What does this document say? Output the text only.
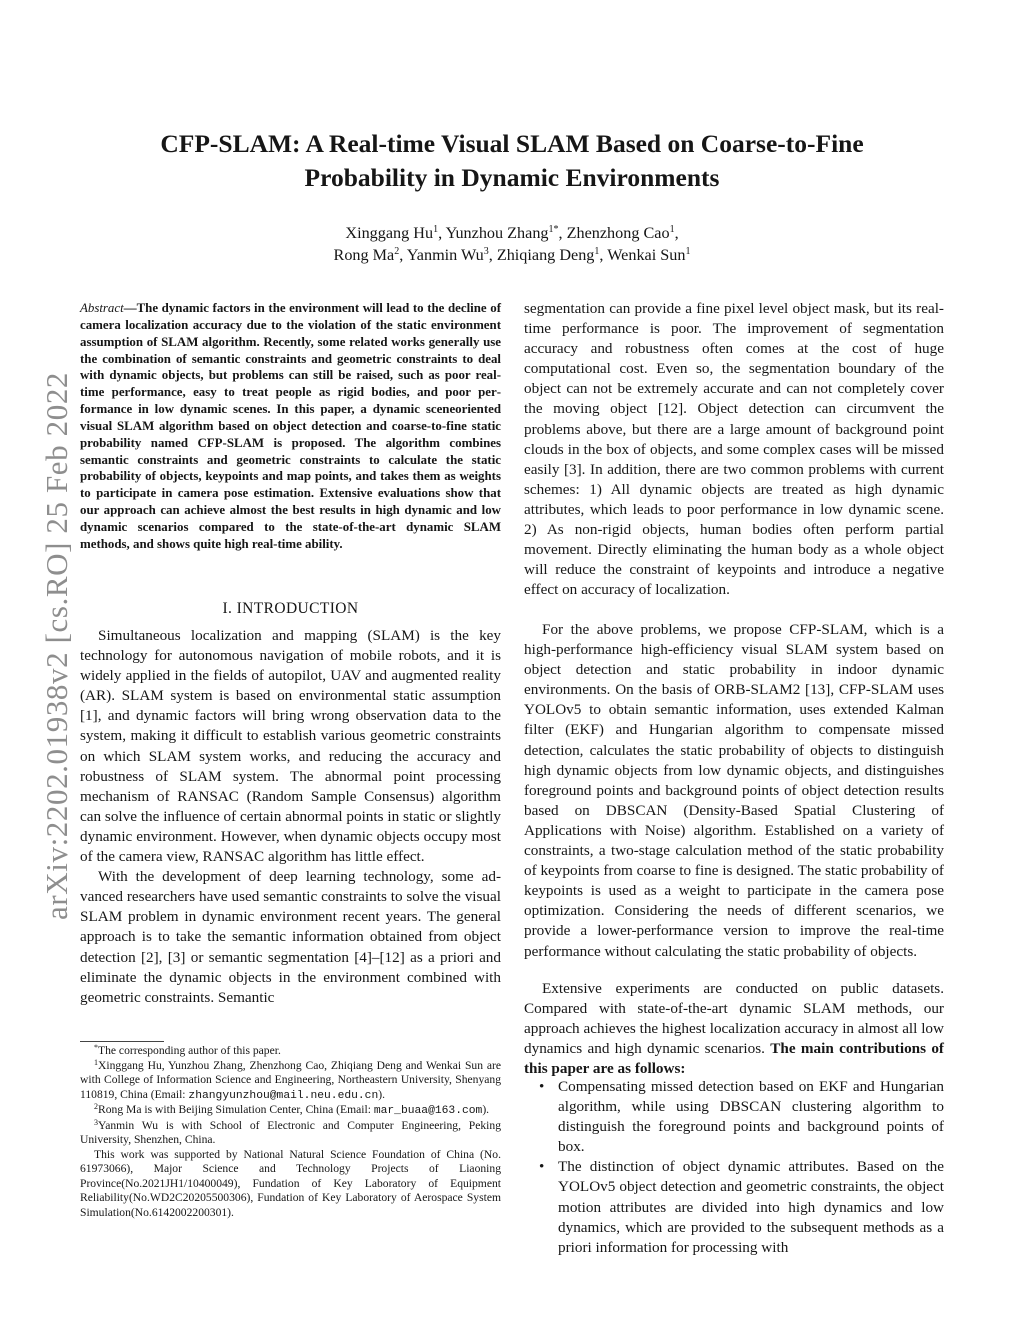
arXiv:2202.01938v2 [cs.RO] 25 Feb 2022
CFP-SLAM: A Real-time Visual SLAM Based on Coarse-to-Fine
Probability in Dynamic Environments
Xinggang Hu$^1$, Yunzhou Zhang$^{1*}$, Zhenzhong Cao$^1$,
Rong Ma$^2$, Yanmin Wu$^3$, Zhiqiang Deng$^1$, Wenkai Sun$^1$
Abstract—The dynamic factors in the environment will lead to the decline of camera localization accuracy due to the violation of the static environment assumption of SLAM algorithm. Recently, some related works generally use the combination of semantic constraints and geometric constraints to deal with dynamic objects, but problems can still be raised, such as poor real-time performance, easy to treat people as rigid bodies, and poor performance in low dynamic scenes. In this paper, a dynamic sceneoriented visual SLAM algorithm based on object detection and coarse-to-fine static probability named CFP-SLAM is proposed. The algorithm combines semantic constraints and geometric constraints to calculate the static probability of objects, keypoints and map points, and takes them as weights to participate in camera pose estimation. Extensive evaluations show that our approach can achieve almost the best results in high dynamic and low dynamic scenarios compared to the state-of-the-art dynamic SLAM methods, and shows quite high real-time ability.
I. INTRODUCTION

Simultaneous localization and mapping (SLAM) is the key technology for autonomous navigation of mobile robots, and it is widely applied in the fields of autopilot, UAV and augmented reality (AR). SLAM system is based on environmental static assumption [1], and dynamic factors will bring wrong observation data to the system, making it difficult to establish various geometric constraints on which SLAM system works, and reducing the accuracy and robustness of SLAM system. The abnormal point processing mechanism of RANSAC (Random Sample Consensus) algorithm can solve the influence of certain abnormal points in static or slightly dynamic environment. However, when dynamic objects occupy most of the camera view, RANSAC algorithm has little effect.

With the development of deep learning technology, some advanced researchers have used semantic constraints to solve the visual SLAM problem in dynamic environment recent years. The general approach is to take the semantic information obtained from object detection [2], [3] or semantic segmentation [4]–[12] as a priori and eliminate the dynamic objects in the environment combined with geometric constraints. Semantic

*The corresponding author of this paper.

$^1$Xinggang Hu, Yunzhou Zhang, Zhenzhong Cao, Zhiqiang Deng and Wenkai Sun are with College of Information Science and Engineering, Northeastern University, Shenyang 110819, China (Email: zhangyunzhou@mail.neu.edu.cn).

$^2$Rong Ma is with Beijing Simulation Center, China (Email: mar_buaa@163.com).

$^3$Yanmin Wu is with School of Electronic and Computer Engineering, Peking University, Shenzhen, China.

This work was supported by National Natural Science Foundation of China (No. 61973066), Major Science and Technology Projects of Liaoning Province(No.2021JH1/10400049), Fundation of Key Laboratory of Equipment Reliability(No.WD2C20205500306), Fundation of Key Laboratory of Aerospace System Simulation(No.6142002200301).

segmentation can provide a fine pixel level object mask, but its real-time performance is poor. The improvement of segmentation accuracy and robustness often comes at the cost of huge computational cost. Even so, the segmentation boundary of the object can not be extremely accurate and can not completely cover the moving object [12]. Object detection can circumvent the problems above, but there are a large amount of background point clouds in the box of objects, and some complex cases will be missed easily [3]. In addition, there are two common problems with current schemes: 1) All dynamic objects are treated as high dynamic attributes, which leads to poor performance in low dynamic scene. 2) As non-rigid objects, human bodies often perform partial movement. Directly eliminating the human body as a whole object will reduce the constraint of keypoints and introduce a negative effect on accuracy of localization.

For the above problems, we propose CFP-SLAM, which is a high-performance high-efficiency visual SLAM system based on object detection and static probability in indoor dynamic environments. On the basis of ORB-SLAM2 [13], CFP-SLAM uses YOLOv5 to obtain semantic information, uses extended Kalman filter (EKF) and Hungarian algorithm to compensate missed detection, calculates the static probability of objects to distinguish high dynamic objects from low dynamic objects, and distinguishes foreground points and background points of object detection results based on DBSCAN (Density-Based Spatial Clustering of Applications with Noise) algorithm. Established on a variety of constraints, a two-stage calculation method of the static probability of keypoints from coarse to fine is designed. The static probability of keypoints is used as a weight to participate in the camera pose optimization. Considering the needs of different scenarios, we provide a lower-performance version to improve the real-time performance without calculating the static probability of objects.

Extensive experiments are conducted on public datasets. Compared with state-of-the-art dynamic SLAM methods, our approach achieves the highest localization accuracy in almost all low dynamics and high dynamic scenarios. The main contributions of this paper are as follows:

• Compensating missed detection based on EKF and Hungarian algorithm, while using DBSCAN clustering algorithm to distinguish the foreground points and background points of box.
• The distinction of object dynamic attributes. Based on the YOLOv5 object detection and geometric constraints, the object motion attributes are divided into high dynamics and low dynamics, which are provided to the subsequent methods as a priori information for processing with
